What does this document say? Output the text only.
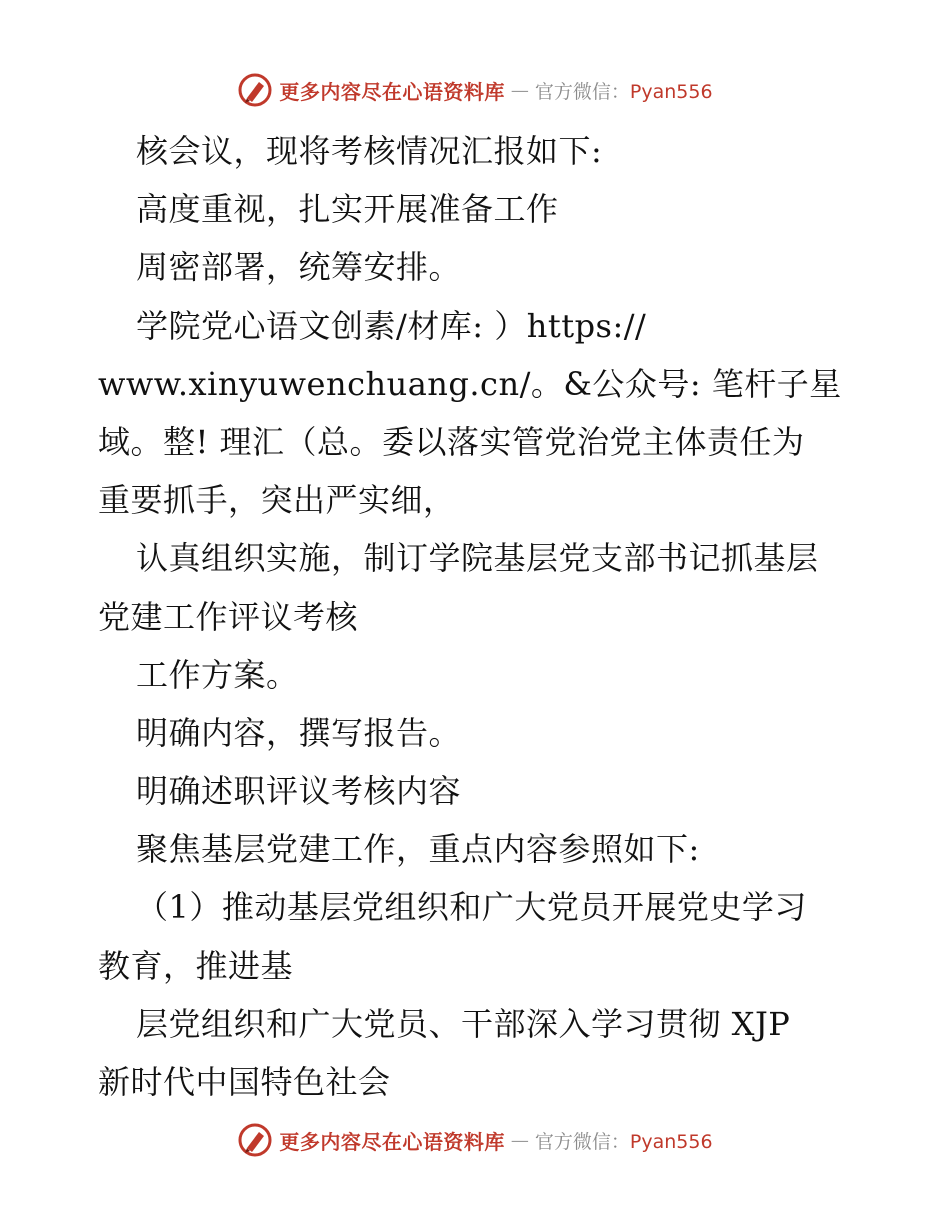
更多内容尽在心语资料库 — 官方微信：Pyan556
核会议，现将考核情况汇报如下:
高度重视，扎实开展准备工作
周密部署，统筹安排。
学院党心语文创素/材库: ）https://
www.xinyuwenchuang.cn/。&公众号: 笔杆子星
域。整! 理汇（总。委以落实管党治党主体责任为
重要抓手，突出严实细，
认真组织实施，制订学院基层党支部书记抓基层
党建工作评议考核
工作方案。
明确内容，撰写报告。
明确述职评议考核内容
聚焦基层党建工作，重点内容参照如下:
（1）推动基层党组织和广大党员开展党史学习
教育，推进基
层党组织和广大党员、干部深入学习贯彻 XJP
新时代中国特色社会
更多内容尽在心语资料库 — 官方微信：Pyan556
